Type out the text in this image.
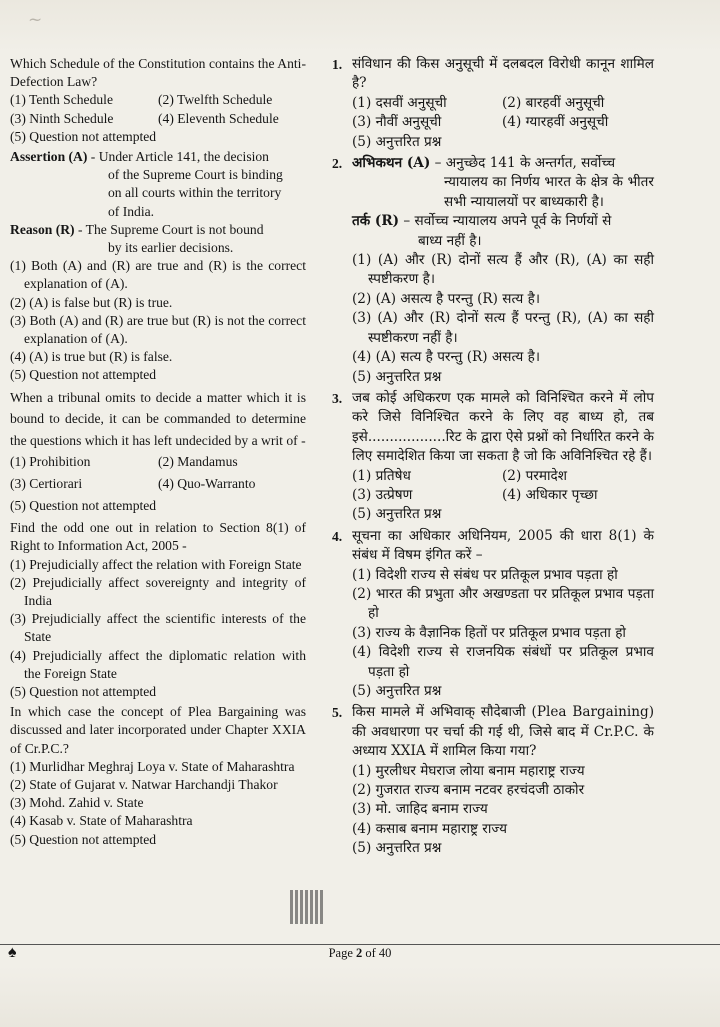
~
Which Schedule of the Constitution contains the Anti-Defection Law?
(1) Tenth Schedule	(2) Twelfth Schedule
(3) Ninth Schedule	(4) Eleventh Schedule
(5) Question not attempted
Assertion (A) - Under Article 141, the decision
of the Supreme Court is binding
on all courts within the territory
of India.
Reason (R) - The Supreme Court is not bound
by its earlier decisions.
(1) Both (A) and (R) are true and (R) is the correct explanation of (A).
(2) (A) is false but (R) is true.
(3) Both (A) and (R) are true but (R) is not the correct explanation of (A).
(4) (A) is true but (R) is false.
(5) Question not attempted
When a tribunal omits to decide a matter which it is bound to decide, it can be commanded to determine the questions which it has left undecided by a writ of -
(1) Prohibition	(2) Mandamus
(3) Certiorari	(4) Quo-Warranto
(5) Question not attempted
Find the odd one out in relation to Section 8(1) of Right to Information Act, 2005 -
(1) Prejudicially affect the relation with Foreign State
(2) Prejudicially affect sovereignty and integrity of India
(3) Prejudicially affect the scientific interests of the State
(4) Prejudicially affect the diplomatic relation with the Foreign State
(5) Question not attempted
In which case the concept of Plea Bargaining was discussed and later incorporated under Chapter XXIA of Cr.P.C.?
(1) Murlidhar Meghraj Loya v. State of Maharashtra
(2) State of Gujarat v. Natwar Harchandji Thakor
(3) Mohd. Zahid v. State
(4) Kasab v. State of Maharashtra
(5) Question not attempted
1. संविधान की किस अनुसूची में दलबदल विरोधी कानून शामिल है?
(1) दसवीं अनुसूची	(2) बारहवीं अनुसूची
(3) नौवीं अनुसूची	(4) ग्यारहवीं अनुसूची
(5) अनुत्तरित प्रश्न
2. अभिकथन (A) – अनुच्छेद 141 के अन्तर्गत, सर्वोच्च
न्यायालय का निर्णय भारत के क्षेत्र के भीतर सभी न्यायालयों पर बाध्यकारी है।
तर्क (R) – सर्वोच्च न्यायालय अपने पूर्व के निर्णयों से
बाध्य नहीं है।
(1) (A) और (R) दोनों सत्य हैं और (R), (A) का सही स्पष्टीकरण है।
(2) (A) असत्य है परन्तु (R) सत्य है।
(3) (A) और (R) दोनों सत्य हैं परन्तु (R), (A) का सही स्पष्टीकरण नहीं है।
(4) (A) सत्य है परन्तु (R) असत्य है।
(5) अनुत्तरित प्रश्न
3. जब कोई अधिकरण एक मामले को विनिश्चित करने में लोप करे जिसे विनिश्चित करने के लिए वह बाध्य हो, तब इसे..................रिट के द्वारा ऐसे प्रश्नों को निर्धारित करने के लिए समादेशित किया जा सकता है जो कि अविनिश्चित रहे हैं।
(1) प्रतिषेध	(2) परमादेश
(3) उत्प्रेषण	(4) अधिकार पृच्छा
(5) अनुत्तरित प्रश्न
4. सूचना का अधिकार अधिनियम, 2005 की धारा 8(1) के संबंध में विषम इंगित करें –
(1) विदेशी राज्य से संबंध पर प्रतिकूल प्रभाव पड़ता हो
(2) भारत की प्रभुता और अखण्डता पर प्रतिकूल प्रभाव पड़ता हो
(3) राज्य के वैज्ञानिक हितों पर प्रतिकूल प्रभाव पड़ता हो
(4) विदेशी राज्य से राजनयिक संबंधों पर प्रतिकूल प्रभाव पड़ता हो
(5) अनुत्तरित प्रश्न
5. किस मामले में अभिवाक् सौदेबाजी (Plea Bargaining) की अवधारणा पर चर्चा की गई थी, जिसे बाद में Cr.P.C. के अध्याय XXIA में शामिल किया गया?
(1) मुरलीधर मेघराज लोया बनाम महाराष्ट्र राज्य
(2) गुजरात राज्य बनाम नटवर हरचंदजी ठाकोर
(3) मो. जाहिद बनाम राज्य
(4) कसाब बनाम महाराष्ट्र राज्य
(5) अनुत्तरित प्रश्न
♠	Page 2 of 40
